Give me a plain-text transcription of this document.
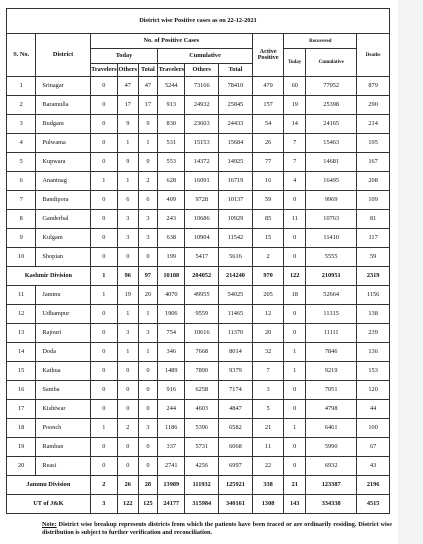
District wise Positive cases as on 22-12-2021											
S. No.	District	No. of Positive Cases						Active Positive	Recovered		Deaths
		Today			Cumulative				Today	Cumulative	
		Travelers	Others	Total	Travelers	Others	Total				
1	Srinagar	0	47	47	5244	73166	78410	479	60	77052	879
2	Baramulla	0	17	17	913	24932	25845	157	19	25398	290
3	Budgam	0	9	9	830	23603	24433	54	14	24165	214
4	Pulwama	0	1	1	531	15153	15684	26	7	15463	195
5	Kupwara	0	9	9	553	14372	14925	77	7	14681	167
6	Anantnag	1	1	2	628	16091	16719	16	4	16495	208
7	Bandipora	0	6	6	409	9728	10137	59	0	9969	109
8	Ganderbal	0	3	3	243	10686	10929	85	11	10763	81
9	Kulgam	0	3	3	638	10904	11542	15	0	11410	117
10	Shopian	0	0	0	199	5417	5616	2	0	5555	59
Kashmir Division		1	96	97	10188	204052	214240	970	122	210951	2319
11	Jammu	1	19	20	4070	49955	54025	205	18	52664	1156
12	Udhampur	0	1	1	1906	9559	11465	12	0	11315	138
13	Rajouri	0	3	3	754	10616	11370	20	0	11111	239
14	Doda	0	1	1	346	7668	8014	32	1	7846	136
15	Kathua	0	0	0	1489	7890	9379	7	1	9219	153
16	Samba	0	0	0	916	6258	7174	3	0	7051	120
17	Kishtwar	0	0	0	244	4603	4847	5	0	4798	44
18	Poonch	1	2	3	1186	5396	6582	21	1	6461	100
19	Ramban	0	0	0	337	5731	6068	11	0	5990	67
20	Reasi	0	0	0	2741	4256	6997	22	0	6932	43
Jammu Division		2	26	28	13989	111932	125921	338	21	123387	2196
UT of J&K		3	122	125	24177	315984	340161	1308	143	334338	4515
Note: District wise breakup represents districts from which the patients have been traced or are ordinarily residing. District wise distribution is subject to further verification and reconciliation.
